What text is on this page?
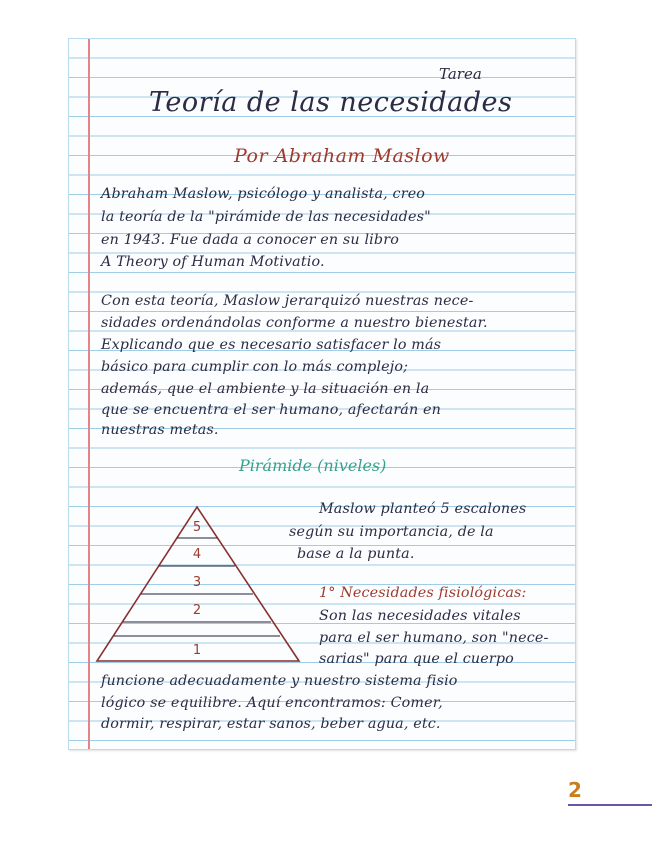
Tarea

Teoría de las necesidades

Por Abraham Maslow

Abraham Maslow, psicólogo y analista, creo

la teoría de la "pirámide de las necesidades"

en 1943. Fue dada a conocer en su libro

A Theory of Human Motivatio.

Con esta teoría, Maslow jerarquizó nuestras nece-

sidades ordenándolas conforme a nuestro bienestar.

Explicando que es necesario satisfacer lo más

básico para cumplir con lo más complejo;

además, que el ambiente y la situación en la

que se encuentra el ser humano, afectarán en

nuestras metas.

Pirámide (niveles)

5
4
3
2
1

Maslow planteó 5 escalones

según su importancia, de la

base a la punta.

1° Necesidades fisiológicas:

Son las necesidades vitales

para el ser humano, son "nece-

sarias" para que el cuerpo

funcione adecuadamente y nuestro sistema fisio

lógico se equilibre. Aquí encontramos: Comer,

dormir, respirar, estar sanos, beber agua, etc.

2
